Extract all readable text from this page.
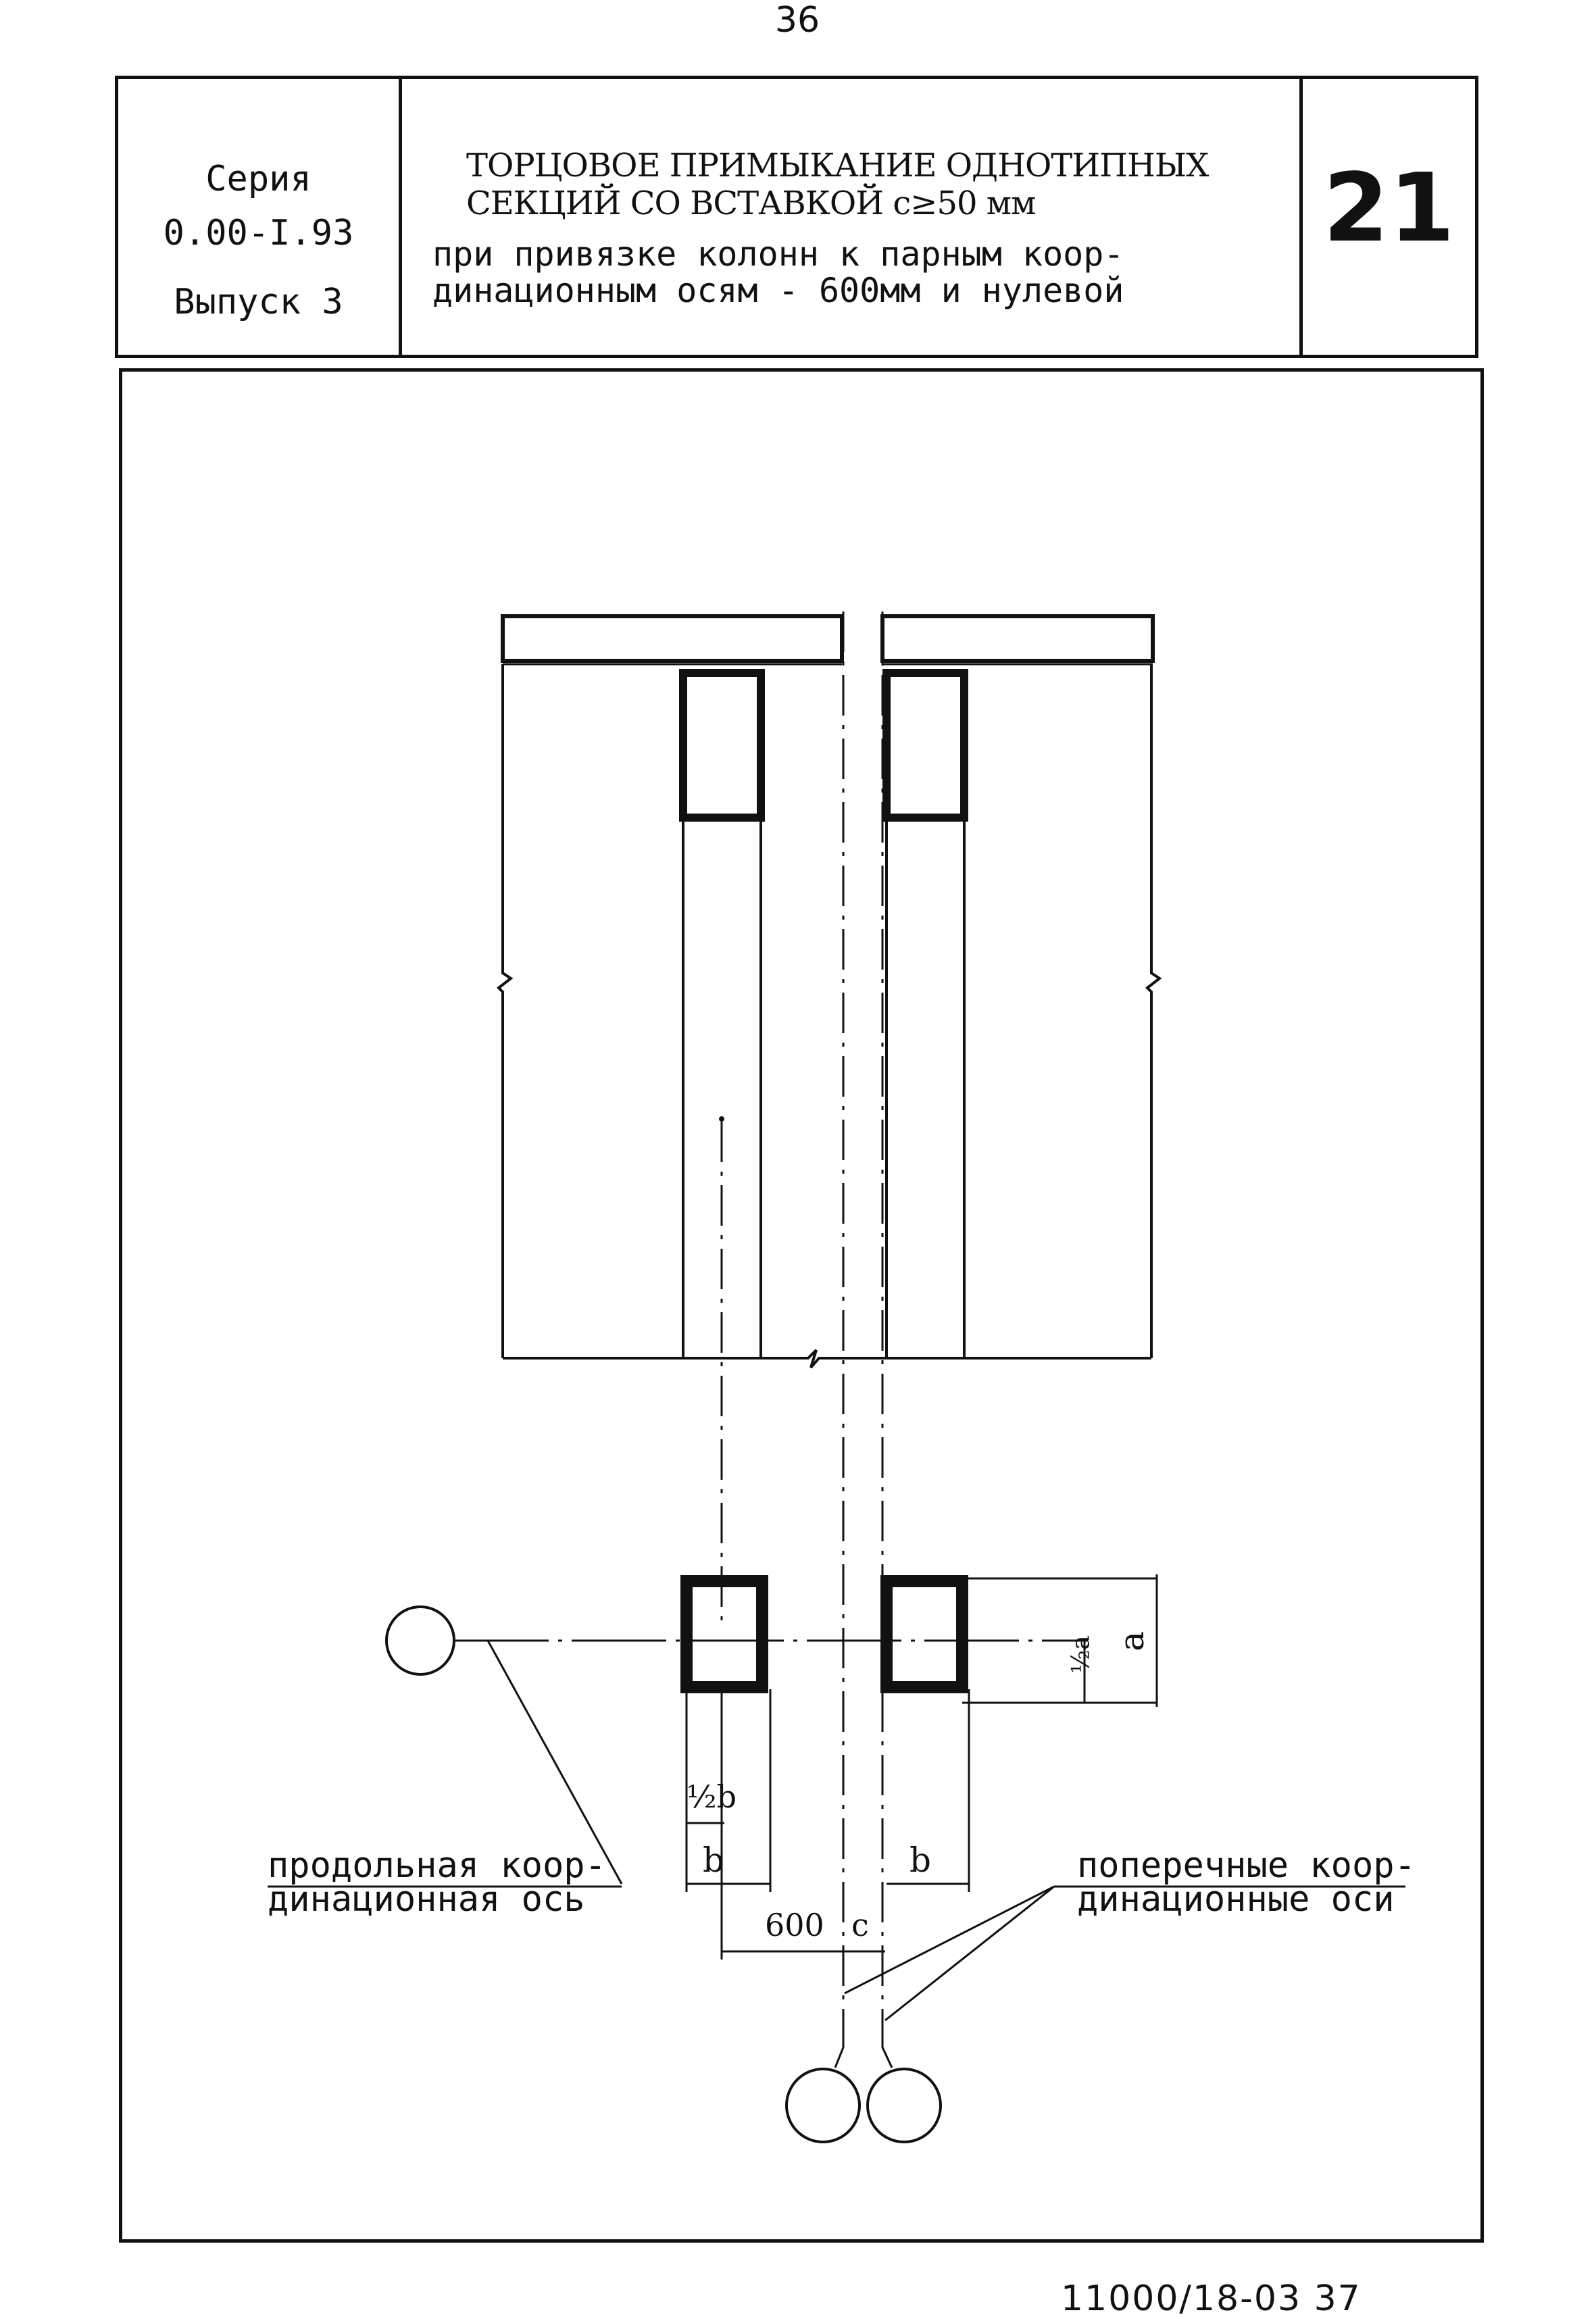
36
Серия
0.00-I.93
Выпуск 3
ТОРЦОВОЕ ПРИМЫКАНИЕ ОДНОТИПНЫХ
СЕКЦИЙ СО ВСТАВКОЙ c≥50 мм
при привязке колонн к парным коор-
динационным осям - 600мм и нулевой
21
½a a
½b
b	b
600 c
продольная коор-
динационная ось
поперечные коор-
динационные оси
11000/18-03 37
